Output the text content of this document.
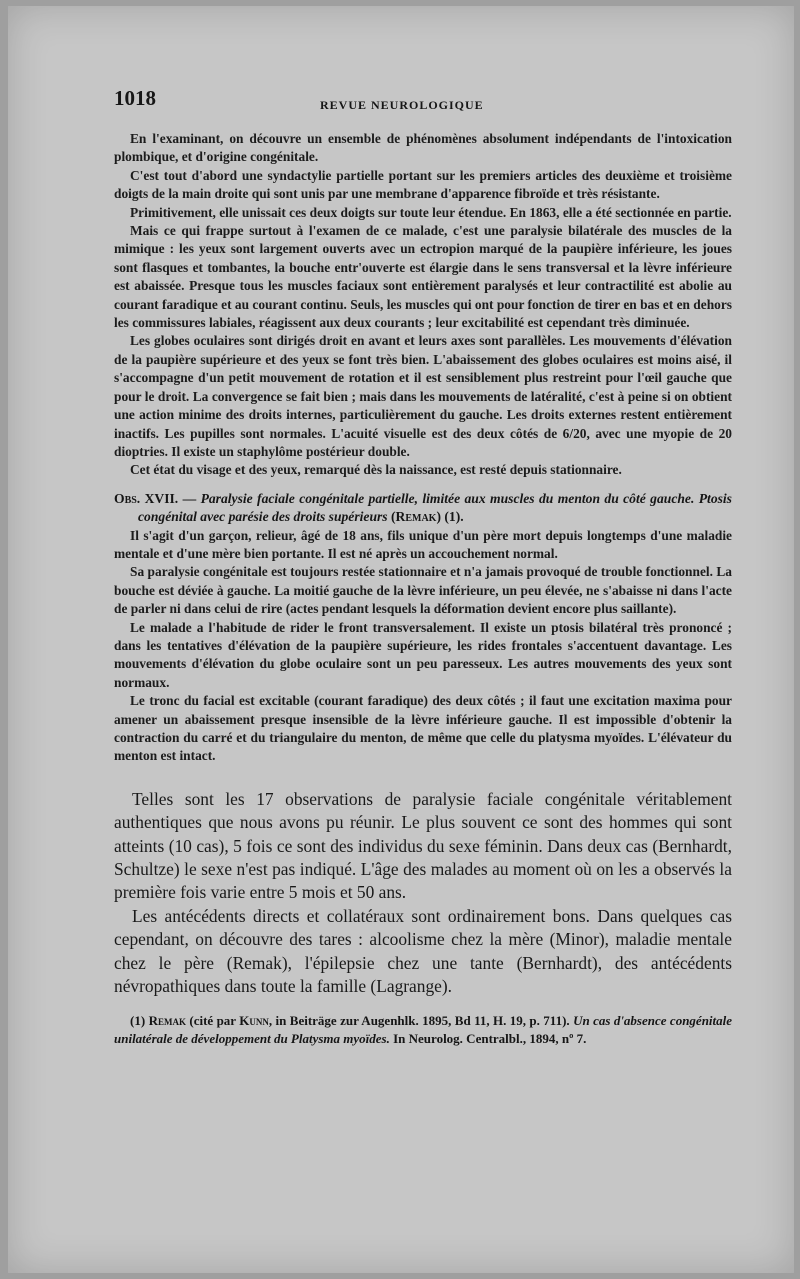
1018	REVUE NEUROLOGIQUE

En l'examinant, on découvre un ensemble de phénomènes absolument indépendants de l'intoxication plombique, et d'origine congénitale.

C'est tout d'abord une syndactylie partielle portant sur les premiers articles des deuxième et troisième doigts de la main droite qui sont unis par une membrane d'apparence fibroïde et très résistante.

Primitivement, elle unissait ces deux doigts sur toute leur étendue. En 1863, elle a été sectionnée en partie.

Mais ce qui frappe surtout à l'examen de ce malade, c'est une paralysie bilatérale des muscles de la mimique : les yeux sont largement ouverts avec un ectropion marqué de la paupière inférieure, les joues sont flasques et tombantes, la bouche entr'ouverte est élargie dans le sens transversal et la lèvre inférieure est abaissée. Presque tous les muscles faciaux sont entièrement paralysés et leur contractilité est abolie au courant faradique et au courant continu. Seuls, les muscles qui ont pour fonction de tirer en bas et en dehors les commissures labiales, réagissent aux deux courants ; leur excitabilité est cependant très diminuée.

Les globes oculaires sont dirigés droit en avant et leurs axes sont parallèles. Les mouvements d'élévation de la paupière supérieure et des yeux se font très bien. L'abaissement des globes oculaires est moins aisé, il s'accompagne d'un petit mouvement de rotation et il est sensiblement plus restreint pour l'œil gauche que pour le droit. La convergence se fait bien ; mais dans les mouvements de latéralité, c'est à peine si on obtient une action minime des droits internes, particulièrement du gauche. Les droits externes restent entièrement inactifs. Les pupilles sont normales. L'acuité visuelle est des deux côtés de 6/20, avec une myopie de 20 dioptries. Il existe un staphylôme postérieur double.

Cet état du visage et des yeux, remarqué dès la naissance, est resté depuis stationnaire.

Obs. XVII. — Paralysie faciale congénitale partielle, limitée aux muscles du menton du côté gauche. Ptosis congénital avec parésie des droits supérieurs (Remak) (1).

Il s'agit d'un garçon, relieur, âgé de 18 ans, fils unique d'un père mort depuis longtemps d'une maladie mentale et d'une mère bien portante. Il est né après un accouchement normal.

Sa paralysie congénitale est toujours restée stationnaire et n'a jamais provoqué de trouble fonctionnel. La bouche est déviée à gauche. La moitié gauche de la lèvre inférieure, un peu élevée, ne s'abaisse ni dans l'acte de parler ni dans celui de rire (actes pendant lesquels la déformation devient encore plus saillante).

Le malade a l'habitude de rider le front transversalement. Il existe un ptosis bilatéral très prononcé ; dans les tentatives d'élévation de la paupière supérieure, les rides frontales s'accentuent davantage. Les mouvements d'élévation du globe oculaire sont un peu paresseux. Les autres mouvements des yeux sont normaux.

Le tronc du facial est excitable (courant faradique) des deux côtés ; il faut une excitation maxima pour amener un abaissement presque insensible de la lèvre inférieure gauche. Il est impossible d'obtenir la contraction du carré et du triangulaire du menton, de même que celle du platysma myoïdes. L'élévateur du menton est intact.

Telles sont les 17 observations de paralysie faciale congénitale véritablement authentiques que nous avons pu réunir. Le plus souvent ce sont des hommes qui sont atteints (10 cas), 5 fois ce sont des individus du sexe féminin. Dans deux cas (Bernhardt, Schultze) le sexe n'est pas indiqué. L'âge des malades au moment où on les a observés la première fois varie entre 5 mois et 50 ans.

Les antécédents directs et collatéraux sont ordinairement bons. Dans quelques cas cependant, on découvre des tares : alcoolisme chez la mère (Minor), maladie mentale chez le père (Remak), l'épilepsie chez une tante (Bernhardt), des antécédents névropathiques dans toute la famille (Lagrange).

(1) Remak (cité par Kunn, in Beiträge zur Augenhlk. 1895, Bd 11, H. 19, p. 711). Un cas d'absence congénitale unilatérale de développement du Platysma myoïdes. In Neurolog. Centralbl., 1894, nº 7.
